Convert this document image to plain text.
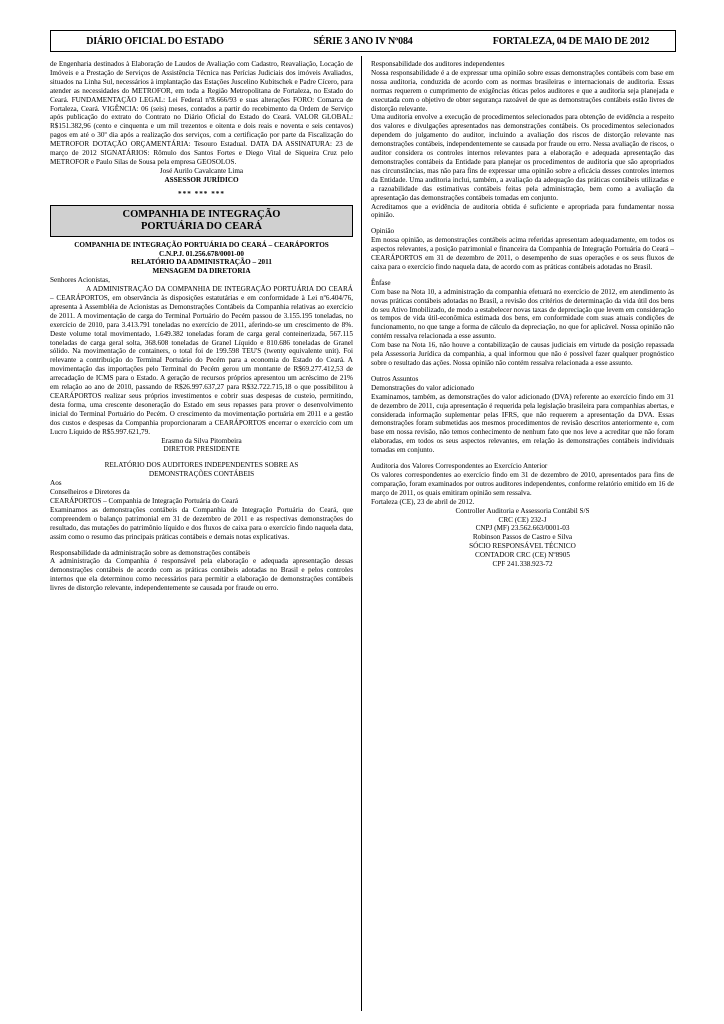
DIÁRIO OFICIAL DO ESTADO	SÉRIE 3 ANO IV Nº084	FORTALEZA, 04 DE MAIO DE 2012

de Engenharia destinados à Elaboração de Laudos de Avaliação com Cadastro, Reavaliação, Locação de Imóveis e a Prestação de Serviços de Assistência Técnica nas Perícias Judiciais dos imóveis Avaliados, situados na Linha Sul, necessários à implantação das Estações Juscelino Kubitschek e Padre Cícero, para atender as necessidades do METROFOR, em toda a Região Metropolitana de Fortaleza, no Estado do Ceará. FUNDAMENTAÇÃO LEGAL: Lei Federal nº8.666/93 e suas alterações FORO: Comarca de Fortaleza, Ceará. VIGÊNCIA: 06 (seis) meses, contados a partir do recebimento da Ordem de Serviço após publicação do extrato do Contrato no Diário Oficial do Estado do Ceará. VALOR GLOBAL: R$151.382,96 (cento e cinquenta e um mil trezentos e oitenta e dois reais e noventa e seis centavos) pagos em até o 30º dia após a realização dos serviços, com a certificação por parte da Fiscalização do METROFOR DOTAÇÃO ORÇAMENTÁRIA: Tesouro Estadual. DATA DA ASSINATURA: 23 de março de 2012 SIGNATÁRIOS: Rômulo dos Santos Fortes e Diego Vital de Siqueira Cruz pelo METROFOR e Paulo Silas de Sousa pela empresa GEOSOLOS.

José Aurilo Cavalcante Lima

ASSESSOR JURÍDICO

*** *** ***

COMPANHIA DE INTEGRAÇÃO
PORTUÁRIA DO CEARÁ

COMPANHIA DE INTEGRAÇÃO PORTUÁRIA DO CEARÁ – CEARÁPORTOS

C.N.P.J. 01.256.678/0001-00

RELATÓRIO DA ADMINISTRAÇÃO – 2011

MENSAGEM DA DIRETORIA

Senhores Acionistas,

A ADMINISTRAÇÃO DA COMPANHIA DE INTEGRAÇÃO PORTUÁRIA DO CEARÁ – CEARÁPORTOS, em observância às disposições estatutárias e em conformidade à Lei nº6.404/76, apresenta à Assembléia de Acionistas as Demonstrações Contábeis da Companhia relativas ao exercício de 2011. A movimentação de carga do Terminal Portuário do Pecém passou de 3.155.195 toneladas, no exercício de 2010, para 3.413.791 toneladas no exercício de 2011, aferindo-se um crescimento de 8%. Deste volume total movimentado, 1.649.382 toneladas foram de carga geral conteinerizada, 567.115 toneladas de carga geral solta, 368.608 toneladas de Granel Líquido e 810.686 toneladas de Granel sólido. Na movimentação de containers, o total foi de 199.598 TEU'S (twenty equivalente unit). Foi relevante a contribuição do Terminal Portuário do Pecém para a economia do Estado do Ceará. A movimentação das importações pelo Terminal do Pecém gerou um montante de R$69.277.412,53 de arrecadação de ICMS para o Estado. A geração de recursos próprios apresentou um acréscimo de 21% em relação ao ano de 2010, passando de R$26.997.637,27 para R$32.722.715,18 o que possibilitou à CEARÁPORTOS realizar seus próprios investimentos e cobrir suas despesas de custeio, permitindo, desta forma, uma crescente desoneração do Estado em seus repasses para prover o desenvolvimento inicial do Terminal Portuário do Pecém. O crescimento da movimentação portuária em 2011 e a gestão dos custos e despesas da Companhia proporcionaram a CEARÁPORTOS encerrar o exercício com um Lucro Líquido de R$5.997.621,79.

Erasmo da Silva Pitombeira

DIRETOR PRESIDENTE

RELATÓRIO DOS AUDITORES INDEPENDENTES SOBRE AS

DEMONSTRAÇÕES CONTÁBEIS

Aos

Conselheiros e Diretores da

CEARÁPORTOS – Companhia de Integração Portuária do Ceará

Examinamos as demonstrações contábeis da Companhia de Integração Portuária do Ceará, que compreendem o balanço patrimonial em 31 de dezembro de 2011 e as respectivas demonstrações do resultado, das mutações do patrimônio líquido e dos fluxos de caixa para o exercício findo naquela data, assim como o resumo das principais práticas contábeis e demais notas explicativas.

Responsabilidade da administração sobre as demonstrações contábeis

A administração da Companhia é responsável pela elaboração e adequada apresentação dessas demonstrações contábeis de acordo com as práticas contábeis adotadas no Brasil e pelos controles internos que ela determinou como necessários para permitir a elaboração de demonstrações contábeis livres de distorção relevante, independentemente se causada por fraude ou erro.

Responsabilidade dos auditores independentes

Nossa responsabilidade é a de expressar uma opinião sobre essas demonstrações contábeis com base em nossa auditoria, conduzida de acordo com as normas brasileiras e internacionais de auditoria. Essas normas requerem o cumprimento de exigências éticas pelos auditores e que a auditoria seja planejada e executada com o objetivo de obter segurança razoável de que as demonstrações contábeis estão livres de distorção relevante.

Uma auditoria envolve a execução de procedimentos selecionados para obtenção de evidência a respeito dos valores e divulgações apresentados nas demonstrações contábeis. Os procedimentos selecionados dependem do julgamento do auditor, incluindo a avaliação dos riscos de distorção relevante nas demonstrações contábeis, independentemente se causada por fraude ou erro. Nessa avaliação de riscos, o auditor considera os controles internos relevantes para a elaboração e adequada apresentação das demonstrações contábeis da Entidade para planejar os procedimentos de auditoria que são apropriados nas circunstâncias, mas não para fins de expressar uma opinião sobre a eficácia desses controles internos da Entidade. Uma auditoria inclui, também, a avaliação da adequação das práticas contábeis utilizadas e a razoabilidade das estimativas contábeis feitas pela administração, bem como a avaliação da apresentação das demonstrações contábeis tomadas em conjunto.

Acreditamos que a evidência de auditoria obtida é suficiente e apropriada para fundamentar nossa opinião.

Opinião

Em nossa opinião, as demonstrações contábeis acima referidas apresentam adequadamente, em todos os aspectos relevantes, a posição patrimonial e financeira da Companhia de Integração Portuária do Ceará – CEARÁPORTOS em 31 de dezembro de 2011, o desempenho de suas operações e os seus fluxos de caixa para o exercício findo naquela data, de acordo com as práticas contábeis adotadas no Brasil.

Ênfase

Com base na Nota 10, a administração da companhia efetuará no exercício de 2012, em atendimento às novas práticas contábeis adotadas no Brasil, a revisão dos critérios de determinação da vida útil dos bens do seu Ativo Imobilizado, de modo a estabelecer novas taxas de depreciação que levem em consideração os tempos de vida útil-econômica estimada dos bens, em conformidade com suas atuais condições de funcionamento, no que tange a forma de cálculo da depreciação, no que for aplicável. Nossa opinião não contém ressalva relacionada a esse assunto.

Com base na Nota 16, não houve a contabilização de causas judiciais em virtude da posição repassada pela Assessoria Jurídica da companhia, a qual informou que não é possível fazer qualquer prognóstico sobre o resultado das ações. Nossa opinião não contém ressalva relacionada a esse assunto.

Outros Assuntos

Demonstrações do valor adicionado

Examinamos, também, as demonstrações do valor adicionado (DVA) referente ao exercício findo em 31 de dezembro de 2011, cuja apresentação é requerida pela legislação brasileira para companhias abertas, e considerada informação suplementar pelas IFRS, que não requerem a apresentação da DVA. Essas demonstrações foram submetidas aos mesmos procedimentos de revisão descritos anteriormente e, com base em nossa revisão, não temos conhecimento de nenhum fato que nos leve a acreditar que não foram elaboradas, em todos os seus aspectos relevantes, em relação às demonstrações contábeis individuais tomadas em conjunto.

Auditoria dos Valores Correspondentes ao Exercício Anterior

Os valores correspondentes ao exercício findo em 31 de dezembro de 2010, apresentados para fins de comparação, foram examinados por outros auditores independentes, conforme relatório emitido em 16 de março de 2011, os quais emitiram opinião sem ressalva.

Fortaleza (CE), 23 de abril de 2012.

Controller Auditoria e Assessoria Contábil S/S

CRC (CE) 232-J

CNPJ (MF) 23.562.663/0001-03

Robinson Passos de Castro e Silva

SÓCIO RESPONSÁVEL TÉCNICO

CONTADOR CRC (CE) Nº8905

CPF 241.338.923-72
